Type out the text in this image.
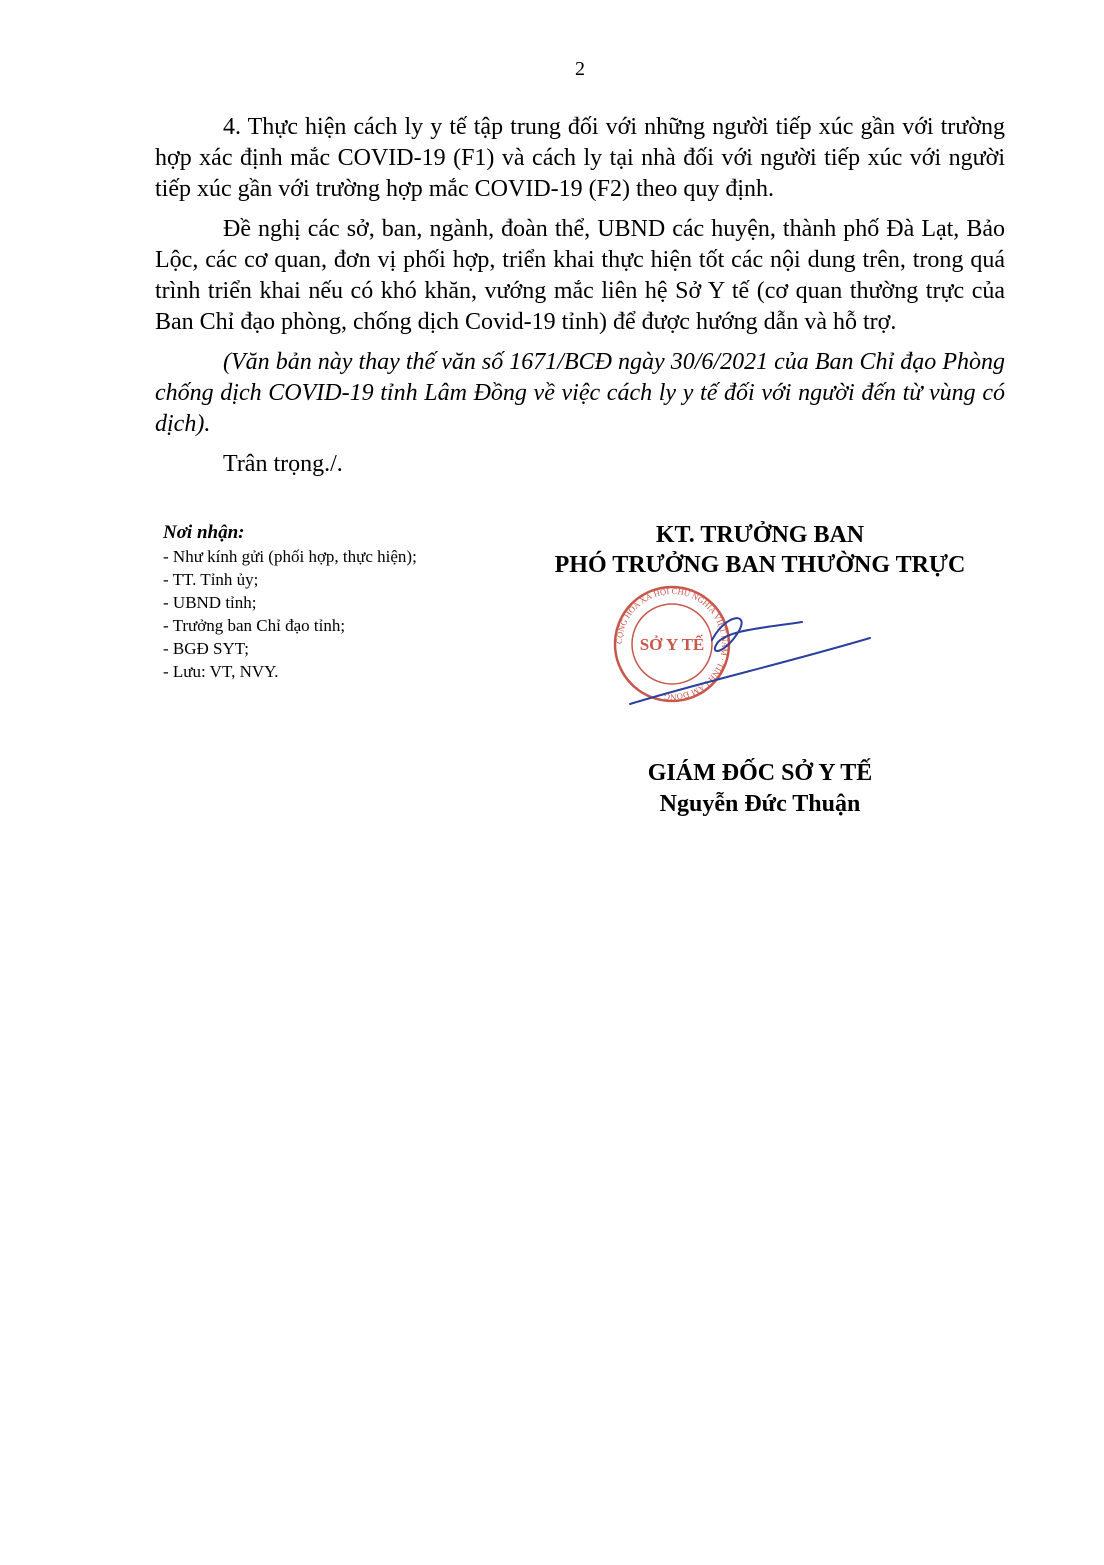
2

4. Thực hiện cách ly y tế tập trung đối với những người tiếp xúc gần với trường hợp xác định mắc COVID-19 (F1) và cách ly tại nhà đối với người tiếp xúc với người tiếp xúc gần với trường hợp mắc COVID-19 (F2) theo quy định.

Đề nghị các sở, ban, ngành, đoàn thể, UBND các huyện, thành phố Đà Lạt, Bảo Lộc, các cơ quan, đơn vị phối hợp, triển khai thực hiện tốt các nội dung trên, trong quá trình triển khai nếu có khó khăn, vướng mắc liên hệ Sở Y tế (cơ quan thường trực của Ban Chỉ đạo phòng, chống dịch Covid-19 tỉnh) để được hướng dẫn và hỗ trợ.

(Văn bản này thay thế văn số 1671/BCĐ ngày 30/6/2021 của Ban Chỉ đạo Phòng chống dịch COVID-19 tỉnh Lâm Đồng về việc cách ly y tế đối với người đến từ vùng có dịch).

Trân trọng./.

Nơi nhận:
- Như kính gửi (phối hợp, thực hiện);
- TT. Tỉnh ủy;
- UBND tỉnh;
- Trưởng ban Chỉ đạo tỉnh;
- BGĐ SYT;
- Lưu: VT, NVY.
KT. TRƯỞNG BAN
PHÓ TRƯỞNG BAN THƯỜNG TRỰC
CỘNG HÒA XÃ HỘI CHỦ NGHĨA VIỆT NAM · TỈNH LÂM ĐỒNG
SỞ Y TẾ
GIÁM ĐỐC SỞ Y TẾ
Nguyễn Đức Thuận
